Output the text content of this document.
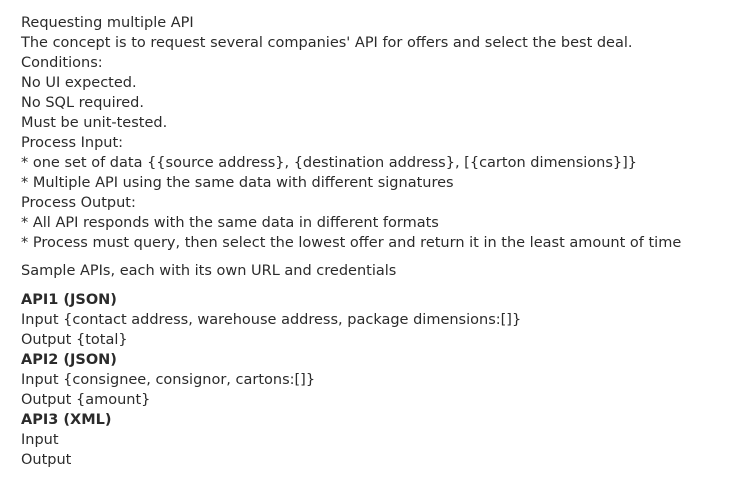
Requesting multiple API
The concept is to request several companies' API for offers and select the best deal.
Conditions:
No UI expected.
No SQL required.
Must be unit-tested.
Process Input:
* one set of data {{source address}, {destination address}, [{carton dimensions}]}
* Multiple API using the same data with different signatures
Process Output:
* All API responds with the same data in different formats
* Process must query, then select the lowest offer and return it in the least amount of time
Sample APIs, each with its own URL and credentials
API1 (JSON)
Input {contact address, warehouse address, package dimensions:[]}
Output {total}
API2 (JSON)
Input {consignee, consignor, cartons:[]}
Output {amount}
API3 (XML)
Input
Output
